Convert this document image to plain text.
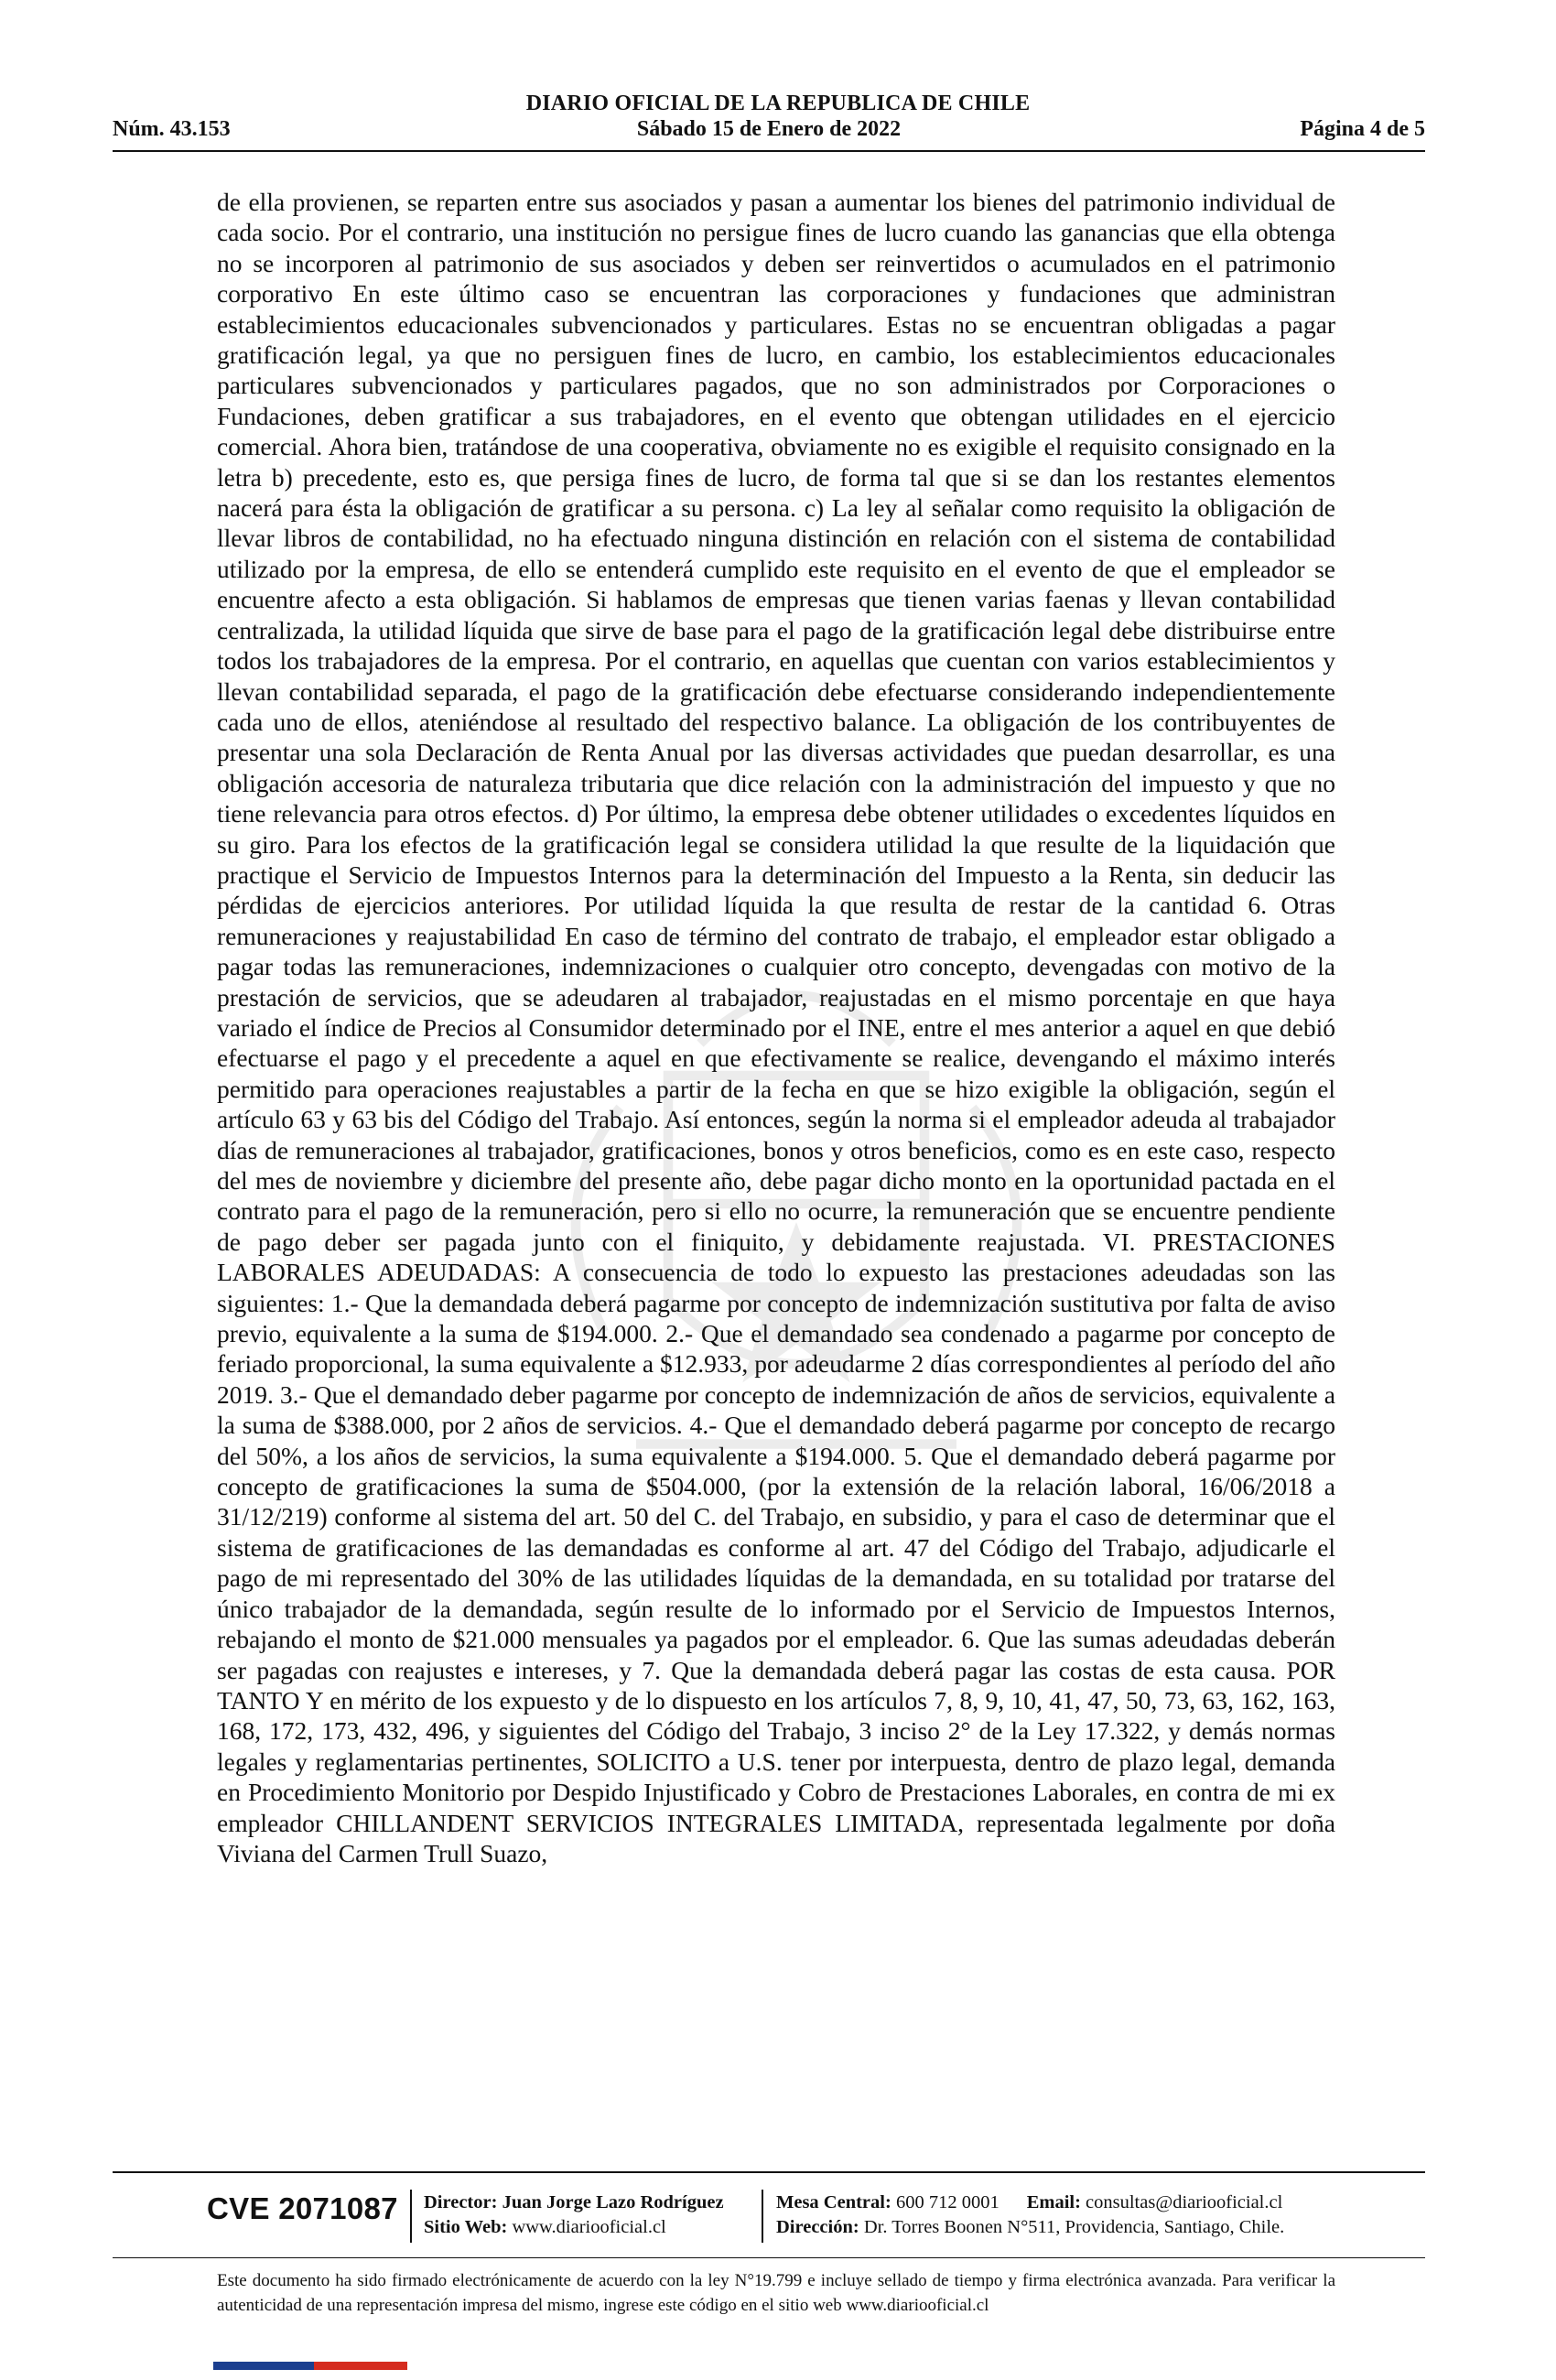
DIARIO OFICIAL DE LA REPUBLICA DE CHILE
Núm. 43.153	Sábado 15 de Enero de 2022	Página 4 de 5

de ella provienen, se reparten entre sus asociados y pasan a aumentar los bienes del patrimonio individual de cada socio. Por el contrario, una institución no persigue fines de lucro cuando las ganancias que ella obtenga no se incorporen al patrimonio de sus asociados y deben ser reinvertidos o acumulados en el patrimonio corporativo En este último caso se encuentran las corporaciones y fundaciones que administran establecimientos educacionales subvencionados y particulares. Estas no se encuentran obligadas a pagar gratificación legal, ya que no persiguen fines de lucro, en cambio, los establecimientos educacionales particulares subvencionados y particulares pagados, que no son administrados por Corporaciones o Fundaciones, deben gratificar a sus trabajadores, en el evento que obtengan utilidades en el ejercicio comercial. Ahora bien, tratándose de una cooperativa, obviamente no es exigible el requisito consignado en la letra b) precedente, esto es, que persiga fines de lucro, de forma tal que si se dan los restantes elementos nacerá para ésta la obligación de gratificar a su persona. c) La ley al señalar como requisito la obligación de llevar libros de contabilidad, no ha efectuado ninguna distinción en relación con el sistema de contabilidad utilizado por la empresa, de ello se entenderá cumplido este requisito en el evento de que el empleador se encuentre afecto a esta obligación. Si hablamos de empresas que tienen varias faenas y llevan contabilidad centralizada, la utilidad líquida que sirve de base para el pago de la gratificación legal debe distribuirse entre todos los trabajadores de la empresa. Por el contrario, en aquellas que cuentan con varios establecimientos y llevan contabilidad separada, el pago de la gratificación debe efectuarse considerando independientemente cada uno de ellos, ateniéndose al resultado del respectivo balance. La obligación de los contribuyentes de presentar una sola Declaración de Renta Anual por las diversas actividades que puedan desarrollar, es una obligación accesoria de naturaleza tributaria que dice relación con la administración del impuesto y que no tiene relevancia para otros efectos. d) Por último, la empresa debe obtener utilidades o excedentes líquidos en su giro. Para los efectos de la gratificación legal se considera utilidad la que resulte de la liquidación que practique el Servicio de Impuestos Internos para la determinación del Impuesto a la Renta, sin deducir las pérdidas de ejercicios anteriores. Por utilidad líquida la que resulta de restar de la cantidad 6. Otras remuneraciones y reajustabilidad En caso de término del contrato de trabajo, el empleador estar obligado a pagar todas las remuneraciones, indemnizaciones o cualquier otro concepto, devengadas con motivo de la prestación de servicios, que se adeudaren al trabajador, reajustadas en el mismo porcentaje en que haya variado el índice de Precios al Consumidor determinado por el INE, entre el mes anterior a aquel en que debió efectuarse el pago y el precedente a aquel en que efectivamente se realice, devengando el máximo interés permitido para operaciones reajustables a partir de la fecha en que se hizo exigible la obligación, según el artículo 63 y 63 bis del Código del Trabajo. Así entonces, según la norma si el empleador adeuda al trabajador días de remuneraciones al trabajador, gratificaciones, bonos y otros beneficios, como es en este caso, respecto del mes de noviembre y diciembre del presente año, debe pagar dicho monto en la oportunidad pactada en el contrato para el pago de la remuneración, pero si ello no ocurre, la remuneración que se encuentre pendiente de pago deber ser pagada junto con el finiquito, y debidamente reajustada. VI. PRESTACIONES LABORALES ADEUDADAS: A consecuencia de todo lo expuesto las prestaciones adeudadas son las siguientes: 1.- Que la demandada deberá pagarme por concepto de indemnización sustitutiva por falta de aviso previo, equivalente a la suma de $194.000. 2.- Que el demandado sea condenado a pagarme por concepto de feriado proporcional, la suma equivalente a $12.933, por adeudarme 2 días correspondientes al período del año 2019. 3.- Que el demandado deber pagarme por concepto de indemnización de años de servicios, equivalente a la suma de $388.000, por 2 años de servicios. 4.- Que el demandado deberá pagarme por concepto de recargo del 50%, a los años de servicios, la suma equivalente a $194.000. 5. Que el demandado deberá pagarme por concepto de gratificaciones la suma de $504.000, (por la extensión de la relación laboral, 16/06/2018 a 31/12/219) conforme al sistema del art. 50 del C. del Trabajo, en subsidio, y para el caso de determinar que el sistema de gratificaciones de las demandadas es conforme al art. 47 del Código del Trabajo, adjudicarle el pago de mi representado del 30% de las utilidades líquidas de la demandada, en su totalidad por tratarse del único trabajador de la demandada, según resulte de lo informado por el Servicio de Impuestos Internos, rebajando el monto de $21.000 mensuales ya pagados por el empleador. 6. Que las sumas adeudadas deberán ser pagadas con reajustes e intereses, y 7. Que la demandada deberá pagar las costas de esta causa. POR TANTO Y en mérito de los expuesto y de lo dispuesto en los artículos 7, 8, 9, 10, 41, 47, 50, 73, 63, 162, 163, 168, 172, 173, 432, 496, y siguientes del Código del Trabajo, 3 inciso 2° de la Ley 17.322, y demás normas legales y reglamentarias pertinentes, SOLICITO a U.S. tener por interpuesta, dentro de plazo legal, demanda en Procedimiento Monitorio por Despido Injustificado y Cobro de Prestaciones Laborales, en contra de mi ex empleador CHILLANDENT SERVICIOS INTEGRALES LIMITADA, representada legalmente por doña Viviana del Carmen Trull Suazo,

CVE 2071087 Director: Juan Jorge Lazo Rodríguez
Sitio Web: www.diariooficial.cl
Mesa Central: 600 712 0001 Email: consultas@diariooficial.cl
Dirección: Dr. Torres Boonen N°511, Providencia, Santiago, Chile.

Este documento ha sido firmado electrónicamente de acuerdo con la ley N°19.799 e incluye sellado de tiempo y firma electrónica avanzada. Para verificar la autenticidad de una representación impresa del mismo, ingrese este código en el sitio web www.diariooficial.cl
